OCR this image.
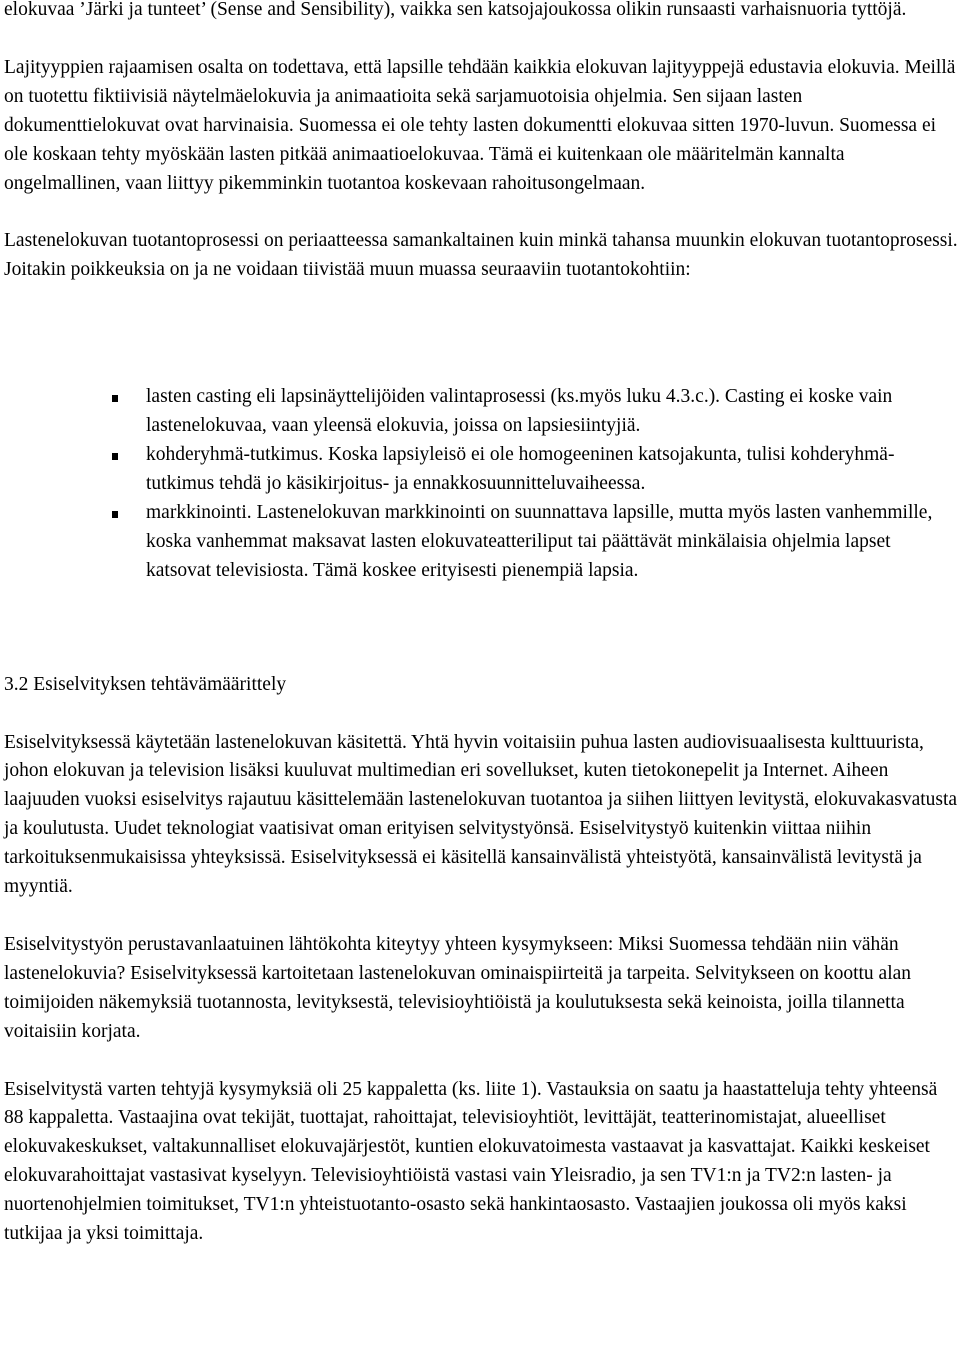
elokuvaa ’Järki ja tunteet’ (Sense and Sensibility), vaikka sen katsojajoukossa olikin runsaasti varhaisnuoria tyttöjä.

Lajityyppien rajaamisen osalta on todettava, että lapsille tehdään kaikkia elokuvan lajityyppejä edustavia elokuvia. Meillä on tuotettu fiktiivisiä näytelmäelokuvia ja animaatioita sekä sarjamuotoisia ohjelmia. Sen sijaan lasten dokumenttielokuvat ovat harvinaisia. Suomessa ei ole tehty lasten dokumentti elokuvaa sitten 1970-luvun. Suomessa ei ole koskaan tehty myöskään lasten pitkää animaatioelokuvaa. Tämä ei kuitenkaan ole määritelmän kannalta ongelmallinen, vaan liittyy pikemminkin tuotantoa koskevaan rahoitusongelmaan.

Lastenelokuvan tuotantoprosessi on periaatteessa samankaltainen kuin minkä tahansa muunkin elokuvan tuotantoprosessi. Joitakin poikkeuksia on ja ne voidaan tiivistää muun muassa seuraaviin tuotantokohtiin:

lasten casting eli lapsinäyttelijöiden valintaprosessi (ks.myös luku 4.3.c.). Casting ei koske vain lastenelokuvaa, vaan yleensä elokuvia, joissa on lapsiesiintyjiä.
kohderyhmä-tutkimus. Koska lapsiyleisö ei ole homogeeninen katsojakunta, tulisi kohderyhmä-tutkimus tehdä jo käsikirjoitus- ja ennakkosuunnitteluvaiheessa.
markkinointi. Lastenelokuvan markkinointi on suunnattava lapsille, mutta myös lasten vanhemmille, koska vanhemmat maksavat lasten elokuvateatteriliput tai päättävät minkälaisia ohjelmia lapset katsovat televisiosta. Tämä koskee erityisesti pienempiä lapsia.

3.2 Esiselvityksen tehtävämäärittely

Esiselvityksessä käytetään lastenelokuvan käsitettä. Yhtä hyvin voitaisiin puhua lasten audiovisuaalisesta kulttuurista, johon elokuvan ja television lisäksi kuuluvat multimedian eri sovellukset, kuten tietokonepelit ja Internet. Aiheen laajuuden vuoksi esiselvitys rajautuu käsittelemään lastenelokuvan tuotantoa ja siihen liittyen levitystä, elokuvakasvatusta ja koulutusta. Uudet teknologiat vaatisivat oman erityisen selvitystyönsä. Esiselvitystyö kuitenkin viittaa niihin tarkoituksenmukaisissa yhteyksissä. Esiselvityksessä ei käsitellä kansainvälistä yhteistyötä, kansainvälistä levitystä ja myyntiä.

Esiselvitystyön perustavanlaatuinen lähtökohta kiteytyy yhteen kysymykseen: Miksi Suomessa tehdään niin vähän lastenelokuvia? Esiselvityksessä kartoitetaan lastenelokuvan ominaispiirteitä ja tarpeita. Selvitykseen on koottu alan toimijoiden näkemyksiä tuotannosta, levityksestä, televisioyhtiöistä ja koulutuksesta sekä keinoista, joilla tilannetta voitaisiin korjata.

Esiselvitystä varten tehtyjä kysymyksiä oli 25 kappaletta (ks. liite 1). Vastauksia on saatu ja haastatteluja tehty yhteensä 88 kappaletta. Vastaajina ovat tekijät, tuottajat, rahoittajat, televisioyhtiöt, levittäjät, teatterinomistajat, alueelliset elokuvakeskukset, valtakunnalliset elokuvajärjestöt, kuntien elokuvatoimesta vastaavat ja kasvattajat. Kaikki keskeiset elokuvarahoittajat vastasivat kyselyyn. Televisioyhtiöistä vastasi vain Yleisradio, ja sen TV1:n ja TV2:n lasten- ja nuortenohjelmien toimitukset, TV1:n yhteistuotanto-osasto sekä hankintaosasto. Vastaajien joukossa oli myös kaksi tutkijaa ja yksi toimittaja.
